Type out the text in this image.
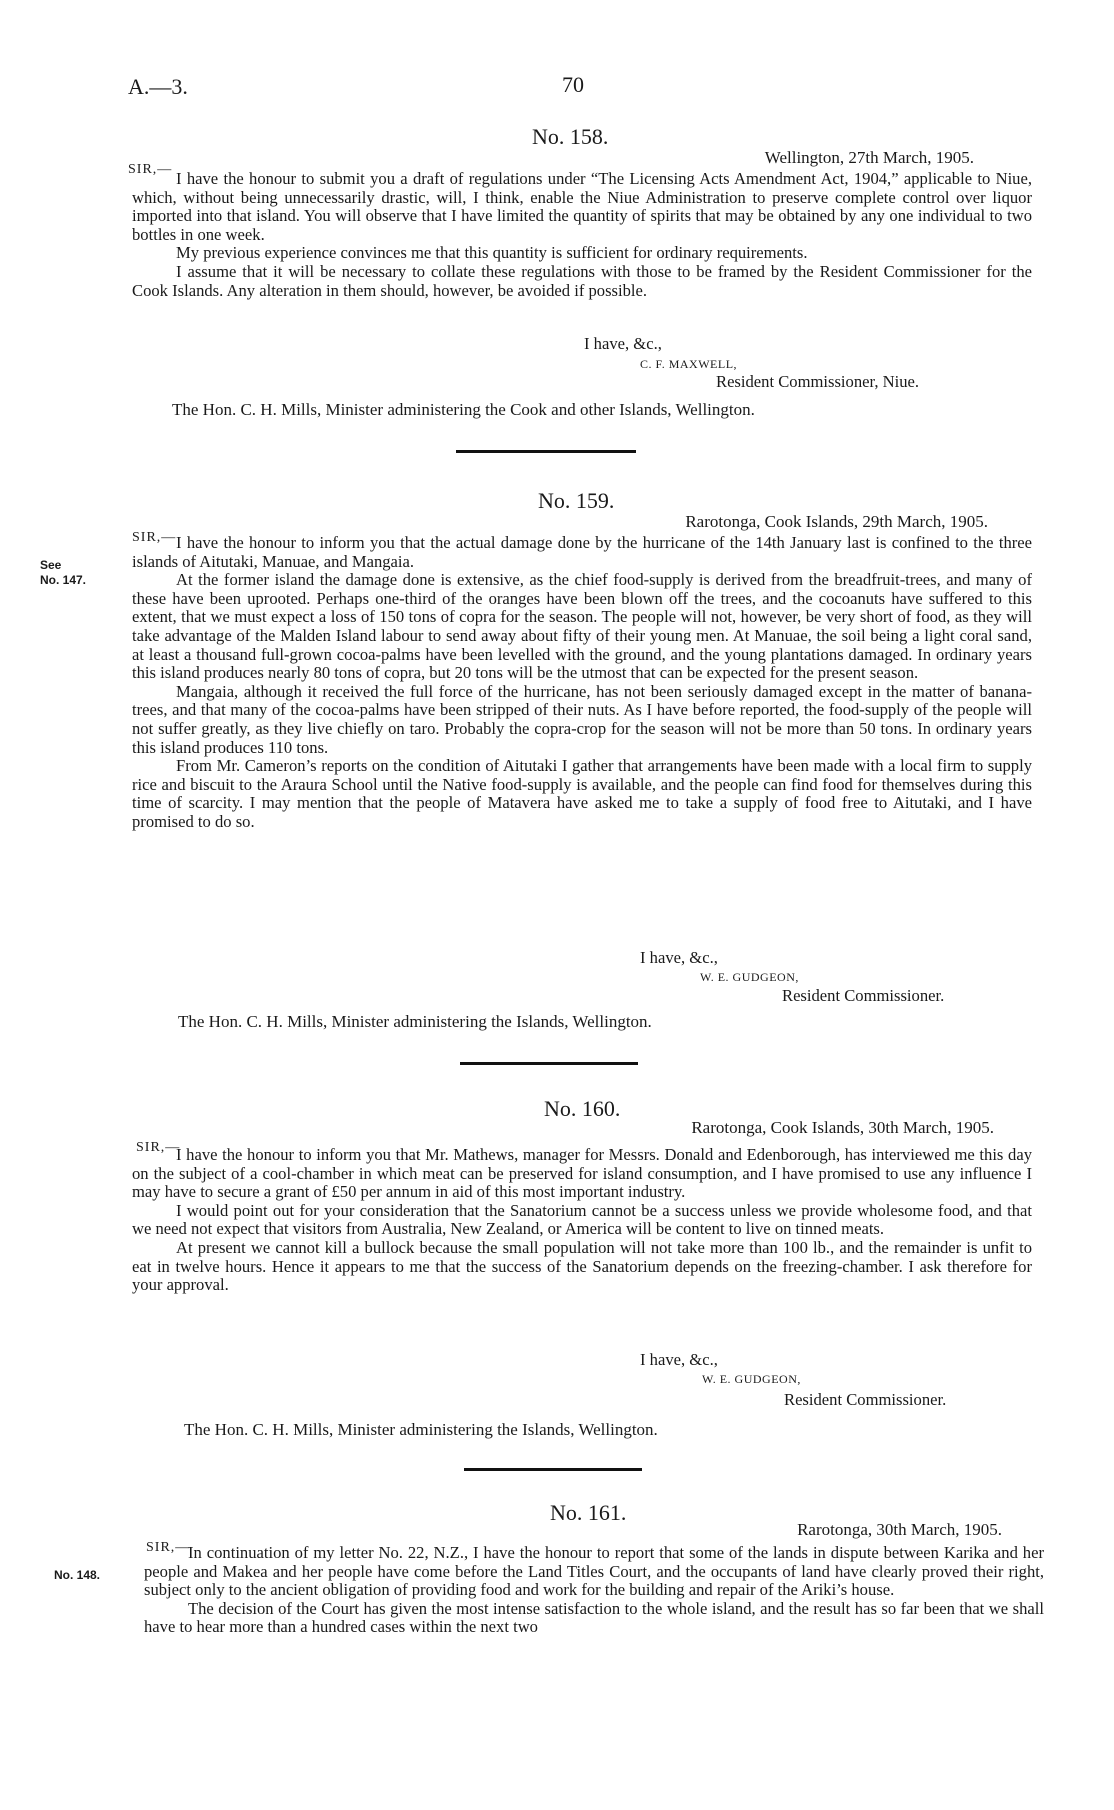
A.—3.	70
No. 158.
Wellington, 27th March, 1905.
SIR,— I have the honour to submit you a draft of regulations under “The Licensing Acts Amendment Act, 1904,” applicable to Niue, which, without being unnecessarily drastic, will, I think, enable the Niue Administration to preserve complete control over liquor imported into that island. You will observe that I have limited the quantity of spirits that may be obtained by any one individual to two bottles in one week.

My previous experience convinces me that this quantity is sufficient for ordinary requirements.

I assume that it will be necessary to collate these regulations with those to be framed by the Resident Commissioner for the Cook Islands. Any alteration in them should, however, be avoided if possible.

I have, &c.,
C. F. MAXWELL,
Resident Commissioner, Niue.
The Hon. C. H. Mills, Minister administering the Cook and other Islands, Wellington.
No. 159.
Rarotonga, Cook Islands, 29th March, 1905.
SIR,—
See
No. 147.

I have the honour to inform you that the actual damage done by the hurricane of the 14th January last is confined to the three islands of Aitutaki, Manuae, and Mangaia.

At the former island the damage done is extensive, as the chief food-supply is derived from the breadfruit-trees, and many of these have been uprooted. Perhaps one-third of the oranges have been blown off the trees, and the cocoanuts have suffered to this extent, that we must expect a loss of 150 tons of copra for the season. The people will not, however, be very short of food, as they will take advantage of the Malden Island labour to send away about fifty of their young men. At Manuae, the soil being a light coral sand, at least a thousand full-grown cocoa-palms have been levelled with the ground, and the young plantations damaged. In ordinary years this island produces nearly 80 tons of copra, but 20 tons will be the utmost that can be expected for the present season.

Mangaia, although it received the full force of the hurricane, has not been seriously damaged except in the matter of banana-trees, and that many of the cocoa-palms have been stripped of their nuts. As I have before reported, the food-supply of the people will not suffer greatly, as they live chiefly on taro. Probably the copra-crop for the season will not be more than 50 tons. In ordinary years this island produces 110 tons.

From Mr. Cameron’s reports on the condition of Aitutaki I gather that arrangements have been made with a local firm to supply rice and biscuit to the Araura School until the Native food-supply is available, and the people can find food for themselves during this time of scarcity. I may mention that the people of Matavera have asked me to take a supply of food free to Aitutaki, and I have promised to do so.

I have, &c.,
W. E. GUDGEON,
Resident Commissioner.
The Hon. C. H. Mills, Minister administering the Islands, Wellington.
No. 160.
Rarotonga, Cook Islands, 30th March, 1905.
SIR,—

I have the honour to inform you that Mr. Mathews, manager for Messrs. Donald and Edenborough, has interviewed me this day on the subject of a cool-chamber in which meat can be preserved for island consumption, and I have promised to use any influence I may have to secure a grant of £50 per annum in aid of this most important industry.

I would point out for your consideration that the Sanatorium cannot be a success unless we provide wholesome food, and that we need not expect that visitors from Australia, New Zealand, or America will be content to live on tinned meats.

At present we cannot kill a bullock because the small population will not take more than 100 lb., and the remainder is unfit to eat in twelve hours. Hence it appears to me that the success of the Sanatorium depends on the freezing-chamber. I ask therefore for your approval.

I have, &c.,
W. E. GUDGEON,
Resident Commissioner.
The Hon. C. H. Mills, Minister administering the Islands, Wellington.
No. 161.
Rarotonga, 30th March, 1905.
SIR,—
No. 148.

In continuation of my letter No. 22, N.Z., I have the honour to report that some of the lands in dispute between Karika and her people and Makea and her people have come before the Land Titles Court, and the occupants of land have clearly proved their right, subject only to the ancient obligation of providing food and work for the building and repair of the Ariki’s house.

The decision of the Court has given the most intense satisfaction to the whole island, and the result has so far been that we shall have to hear more than a hundred cases within the next two
